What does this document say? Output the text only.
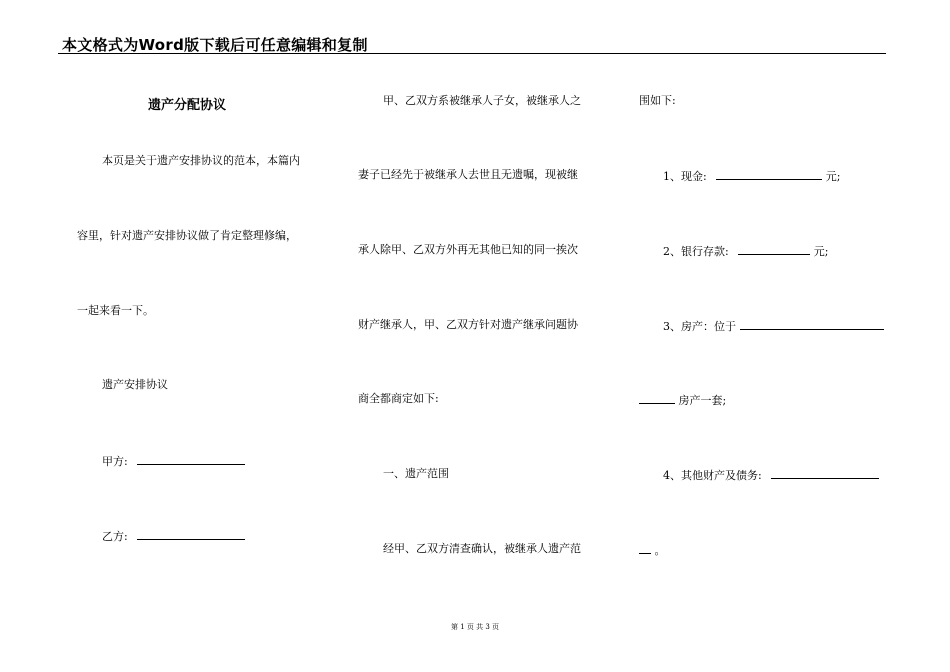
本文格式为Word版下载后可任意编辑和复制
遗产分配协议
本页是关于遗产安排协议的范本，本篇内
容里，针对遗产安排协议做了肯定整理修编，
一起来看一下。
遗产安排协议
甲方:
乙方:
甲、乙双方系被继承人子女，被继承人之
妻子已经先于被继承人去世且无遗嘱，现被继
承人除甲、乙双方外再无其他已知的同一挨次
财产继承人，甲、乙双方针对遗产继承问题协
商全都商定如下:
一、遗产范围
经甲、乙双方清查确认，被继承人遗产范
围如下:
1、现金:	元;
2、银行存款:	元;
3、房产：位于
房产一套;
4、其他财产及债务:
。
第 1 页 共 3 页
